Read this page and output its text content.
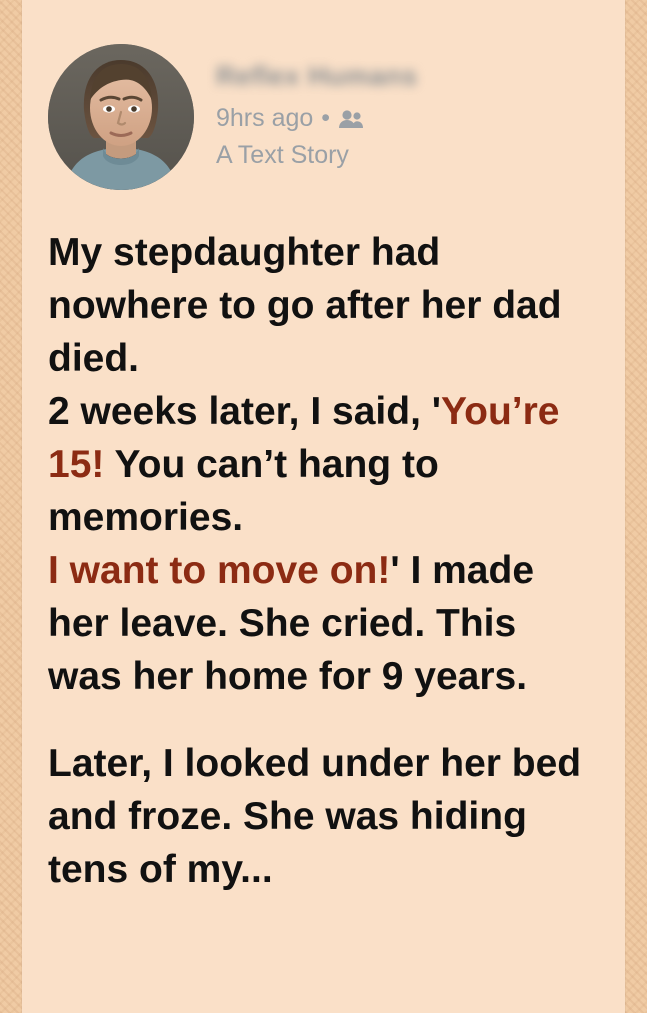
Reflex Humans
9hrs ago •
A Text Story

My stepdaughter had nowhere to go after her dad died.

2 weeks later, I said, 'You’re 15! You can’t hang to memories.

I want to move on!' I made her leave. She cried. This was her home for 9 years.

Later, I looked under her bed and froze. She was hiding tens of my...
